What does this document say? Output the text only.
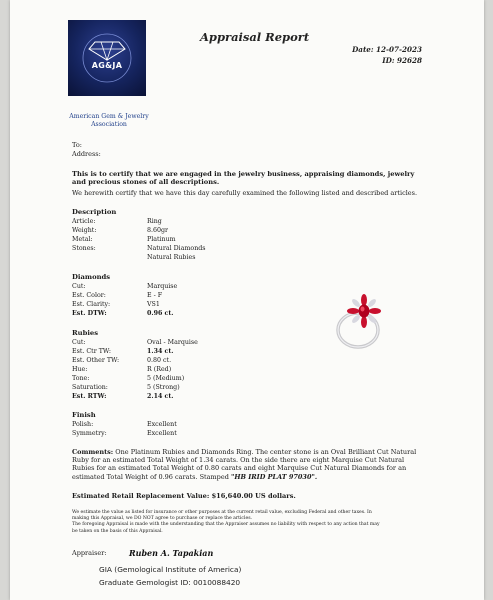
AG&JA
American Gem & Jewelry Association
Appraisal Report
Date: 12-07-2023
ID: 92628
To:
Address:
This is to certify that we are engaged in the jewelry business, appraising diamonds, jewelry and precious stones of all descriptions.
We herewith certify that we have this day carefully examined the following listed and described articles.
Description
Article:	Ring
Weight:	8.60gr
Metal:	Platinum
Stones:	Natural Diamonds
Natural Rubies
Diamonds
Cut:	Marquise
Est. Color:	E - F
Est. Clarity:	VS1
Est. DTW:	0.96 ct.
Rubies
Cut:	Oval - Marquise
Est. Ctr TW:	1.34 ct.
Est. Other TW:	0.80 ct.
Hue:	R (Red)
Tone:	5 (Medium)
Saturation:	5 (Strong)
Est. RTW:	2.14 ct.
Finish
Polish:	Excellent
Symmetry:	Excellent
Comments: One Platinum Rubies and Diamonds Ring. The center stone is an Oval Brilliant Cut Natural Ruby for an estimated Total Weight of 1.34 carats. On the side there are eight Marquise Cut Natural Rubies for an estimated Total Weight of 0.80 carats and eight Marquise Cut Natural Diamonds for an estimated Total Weight of 0.96 carats. Stamped "HB IRID PLAT 97030".
Estimated Retail Replacement Value: $16,640.00 US dollars.
We estimate the value as listed for insurance or other purposes at the current retail value, excluding Federal and other taxes. In
making this Appraisal, we DO NOT agree to purchase or replace the articles.
The foregoing Appraisal is made with the understanding that the Appraiser assumes no liability with respect to any action that may
be taken on the basis of this Appraisal.
Appraiser:	Ruben A. Tapakian
GIA (Gemological Institute of America)
Graduate Gemologist ID: 0010088420
